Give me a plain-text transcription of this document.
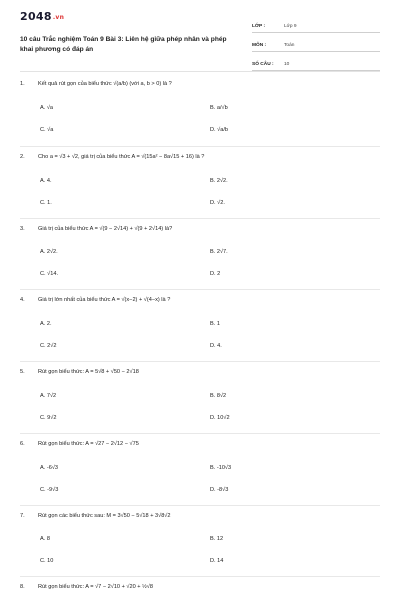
2048.vn
10 câu Trắc nghiệm Toán 9 Bài 3: Liên hệ giữa phép nhân và phép khai phương có đáp án
LỚP :	Lớp 9
MÔN :	Toán
SỐ CÂU :	10
1.	Kết quả rút gọn của biểu thức √(a/b) (với a, b > 0) là ?
A. √a	B. a/√b
C. √a	D. √a/b
2.	Cho a = √3 + √2, giá trị của biểu thức A = √(15a² − 8a√15 + 16) là ?
A. 4.	B. 2√2.
C. 1.	D. √2.
3.	Giá trị của biểu thức A = √(9 − 2√14) + √(9 + 2√14) là?
A. 2√2.	B. 2√7.
C. √14.	D. 2
4.	Giá trị lớn nhất của biểu thức A = √(x−2) + √(4−x) là ?
A. 2.	B. 1
C. 2√2	D. 4.
5.	Rút gọn biểu thức: A = 5√8 + √50 − 2√18
A. 7√2	B. 8√2
C. 9√2	D. 10√2
6.	Rút gọn biểu thức: A = √27 − 2√12 − √75
A. -6√3	B. -10√3
C. -9√3	D. -8√3
7.	Rút gọn các biểu thức sau: M = 3√50 − 5√18 + 3√8√2
A. 8	B. 12
C. 10	D. 14
8.	Rút gọn biểu thức: A = √7 − 2√10 + √20 + ½√8
